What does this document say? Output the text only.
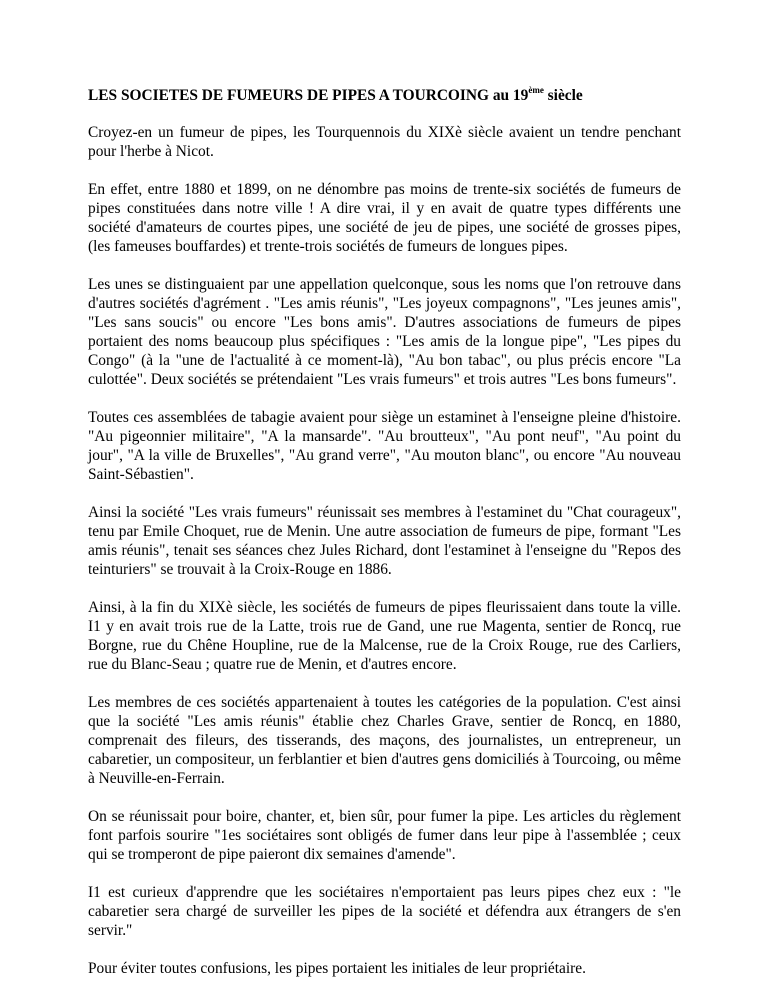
LES SOCIETES DE FUMEURS DE PIPES A TOURCOING au 19ème siècle

Croyez-en un fumeur de pipes, les Tourquennois du XIXè siècle avaient un tendre penchant pour l'herbe à Nicot.

En effet, entre 1880 et 1899, on ne dénombre pas moins de trente-six sociétés de fumeurs de pipes constituées dans notre ville ! A dire vrai, il y en avait de quatre types différents une société d'amateurs de courtes pipes, une société de jeu de pipes, une société de grosses pipes, (les fameuses bouffardes) et trente-trois sociétés de fumeurs de longues pipes.

Les unes se distinguaient par une appellation quelconque, sous les noms que l'on retrouve dans d'autres sociétés d'agrément . "Les amis réunis", "Les joyeux compagnons", "Les jeunes amis", "Les sans soucis" ou encore "Les bons amis". D'autres associations de fumeurs de pipes portaient des noms beaucoup plus spécifiques : "Les amis de la longue pipe", "Les pipes du Congo" (à la "une de l'actualité à ce moment-là), "Au bon tabac", ou plus précis encore "La culottée". Deux sociétés se prétendaient "Les vrais fumeurs" et trois autres "Les bons fumeurs".

Toutes ces assemblées de tabagie avaient pour siège un estaminet à l'enseigne pleine d'histoire. "Au pigeonnier militaire", "A la mansarde". "Au broutteux", "Au pont neuf", "Au point du jour", "A la ville de Bruxelles", "Au grand verre", "Au mouton blanc", ou encore "Au nouveau Saint-Sébastien".

Ainsi la société "Les vrais fumeurs" réunissait ses membres à l'estaminet du "Chat courageux", tenu par Emile Choquet, rue de Menin. Une autre association de fumeurs de pipe, formant "Les amis réunis", tenait ses séances chez Jules Richard, dont l'estaminet à l'enseigne du "Repos des teinturiers" se trouvait à la Croix-Rouge en 1886.

Ainsi, à la fin du XIXè siècle, les sociétés de fumeurs de pipes fleurissaient dans toute la ville. I1 y en avait trois rue de la Latte, trois rue de Gand, une rue Magenta, sentier de Roncq, rue Borgne, rue du Chêne Houpline, rue de la Malcense, rue de la Croix Rouge, rue des Carliers, rue du Blanc-Seau ; quatre rue de Menin, et d'autres encore.

Les membres de ces sociétés appartenaient à toutes les catégories de la population. C'est ainsi que la société "Les amis réunis" établie chez Charles Grave, sentier de Roncq, en 1880, comprenait des fileurs, des tisserands, des maçons, des journalistes, un entrepreneur, un cabaretier, un compositeur, un ferblantier et bien d'autres gens domiciliés à Tourcoing, ou même à Neuville-en-Ferrain.

On se réunissait pour boire, chanter, et, bien sûr, pour fumer la pipe. Les articles du règlement font parfois sourire "1es sociétaires sont obligés de fumer dans leur pipe à l'assemblée ; ceux qui se tromperont de pipe paieront dix semaines d'amende".

I1 est curieux d'apprendre que les sociétaires n'emportaient pas leurs pipes chez eux : "le cabaretier sera chargé de surveiller les pipes de la société et défendra aux étrangers de s'en servir."

Pour éviter toutes confusions, les pipes portaient les initiales de leur propriétaire.
